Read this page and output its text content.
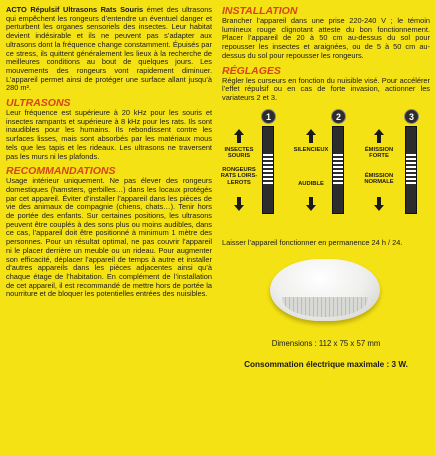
ACTO Répulsif Ultrasons Rats Souris émet des ultrasons qui empêchent les rongeurs d’entendre un éventuel danger et perturbent les organes sensoriels des insectes. Leur habitat devient indésirable et ils ne peuvent pas s’adapter aux ultrasons dont la fréquence change constamment. Épuisés par ce stress, ils quittent généralement les lieux à la recherche de meilleures conditions au bout de quelques jours. Les mouvements des rongeurs vont rapidement diminuer. L’appareil permet ainsi de protéger une surface allant jusqu’à 280 m².

ULTRASONS

Leur fréquence est supérieure à 20 kHz pour les souris et insectes rampants et supérieure à 8 kHz pour les rats. Ils sont inaudibles pour les humains. Ils rebondissent contre les surfaces lisses, mais sont absorbés par les matériaux mous tels que les tapis et les rideaux. Les ultrasons ne traversent pas les murs ni les plafonds.

RECOMMANDATIONS

Usage intérieur uniquement. Ne pas élever des rongeurs domestiques (hamsters, gerbilles…) dans les locaux protégés par cet appareil. Éviter d’installer l’appareil dans les pièces de vie des animaux de compagnie (chiens, chats…). Tenir hors de portée des enfants. Sur certaines positions, les ultrasons peuvent être couplés à des sons plus ou moins audibles, dans ce cas, l’appareil doit être positionné à minimum 1 mètre des personnes. Pour un résultat optimal, ne pas couvrir l’appareil ni le placer derrière un meuble ou un rideau. Pour augmenter son efficacité, déplacer l’appareil de temps à autre et installer d’autres appareils dans les pièces adjacentes ainsi qu’à chaque étage de l’habitation. En complément de l’installation de cet appareil, il est recommandé de mettre hors de portée la nourriture et de bloquer les potentielles entrées des nuisibles.

INSTALLATION

Brancher l’appareil dans une prise 220-240 V ; le témoin lumineux rouge clignotant atteste du bon fonctionnement. Placer l’appareil de 20 à 50 cm au-dessus du sol pour repousser les insectes et araignées, ou de 5 à 50 cm au-dessus du sol pour repousser les rongeurs.

RÉGLAGES

Régler les curseurs en fonction du nuisible visé. Pour accélérer l’effet répulsif ou en cas de forte invasion, actionner les variateurs 2 et 3.

INSECTES SOURIS
RONGEURS RATS LOIRS-LEROTS
1
SILENCIEUX
AUDIBLE
2
ÉMISSION FORTE
ÉMISSION NORMALE
3

Laisser l’appareil fonctionner en permanence 24 h / 24.

Dimensions : 112 x 75 x 57 mm
Consommation électrique maximale : 3 W.
